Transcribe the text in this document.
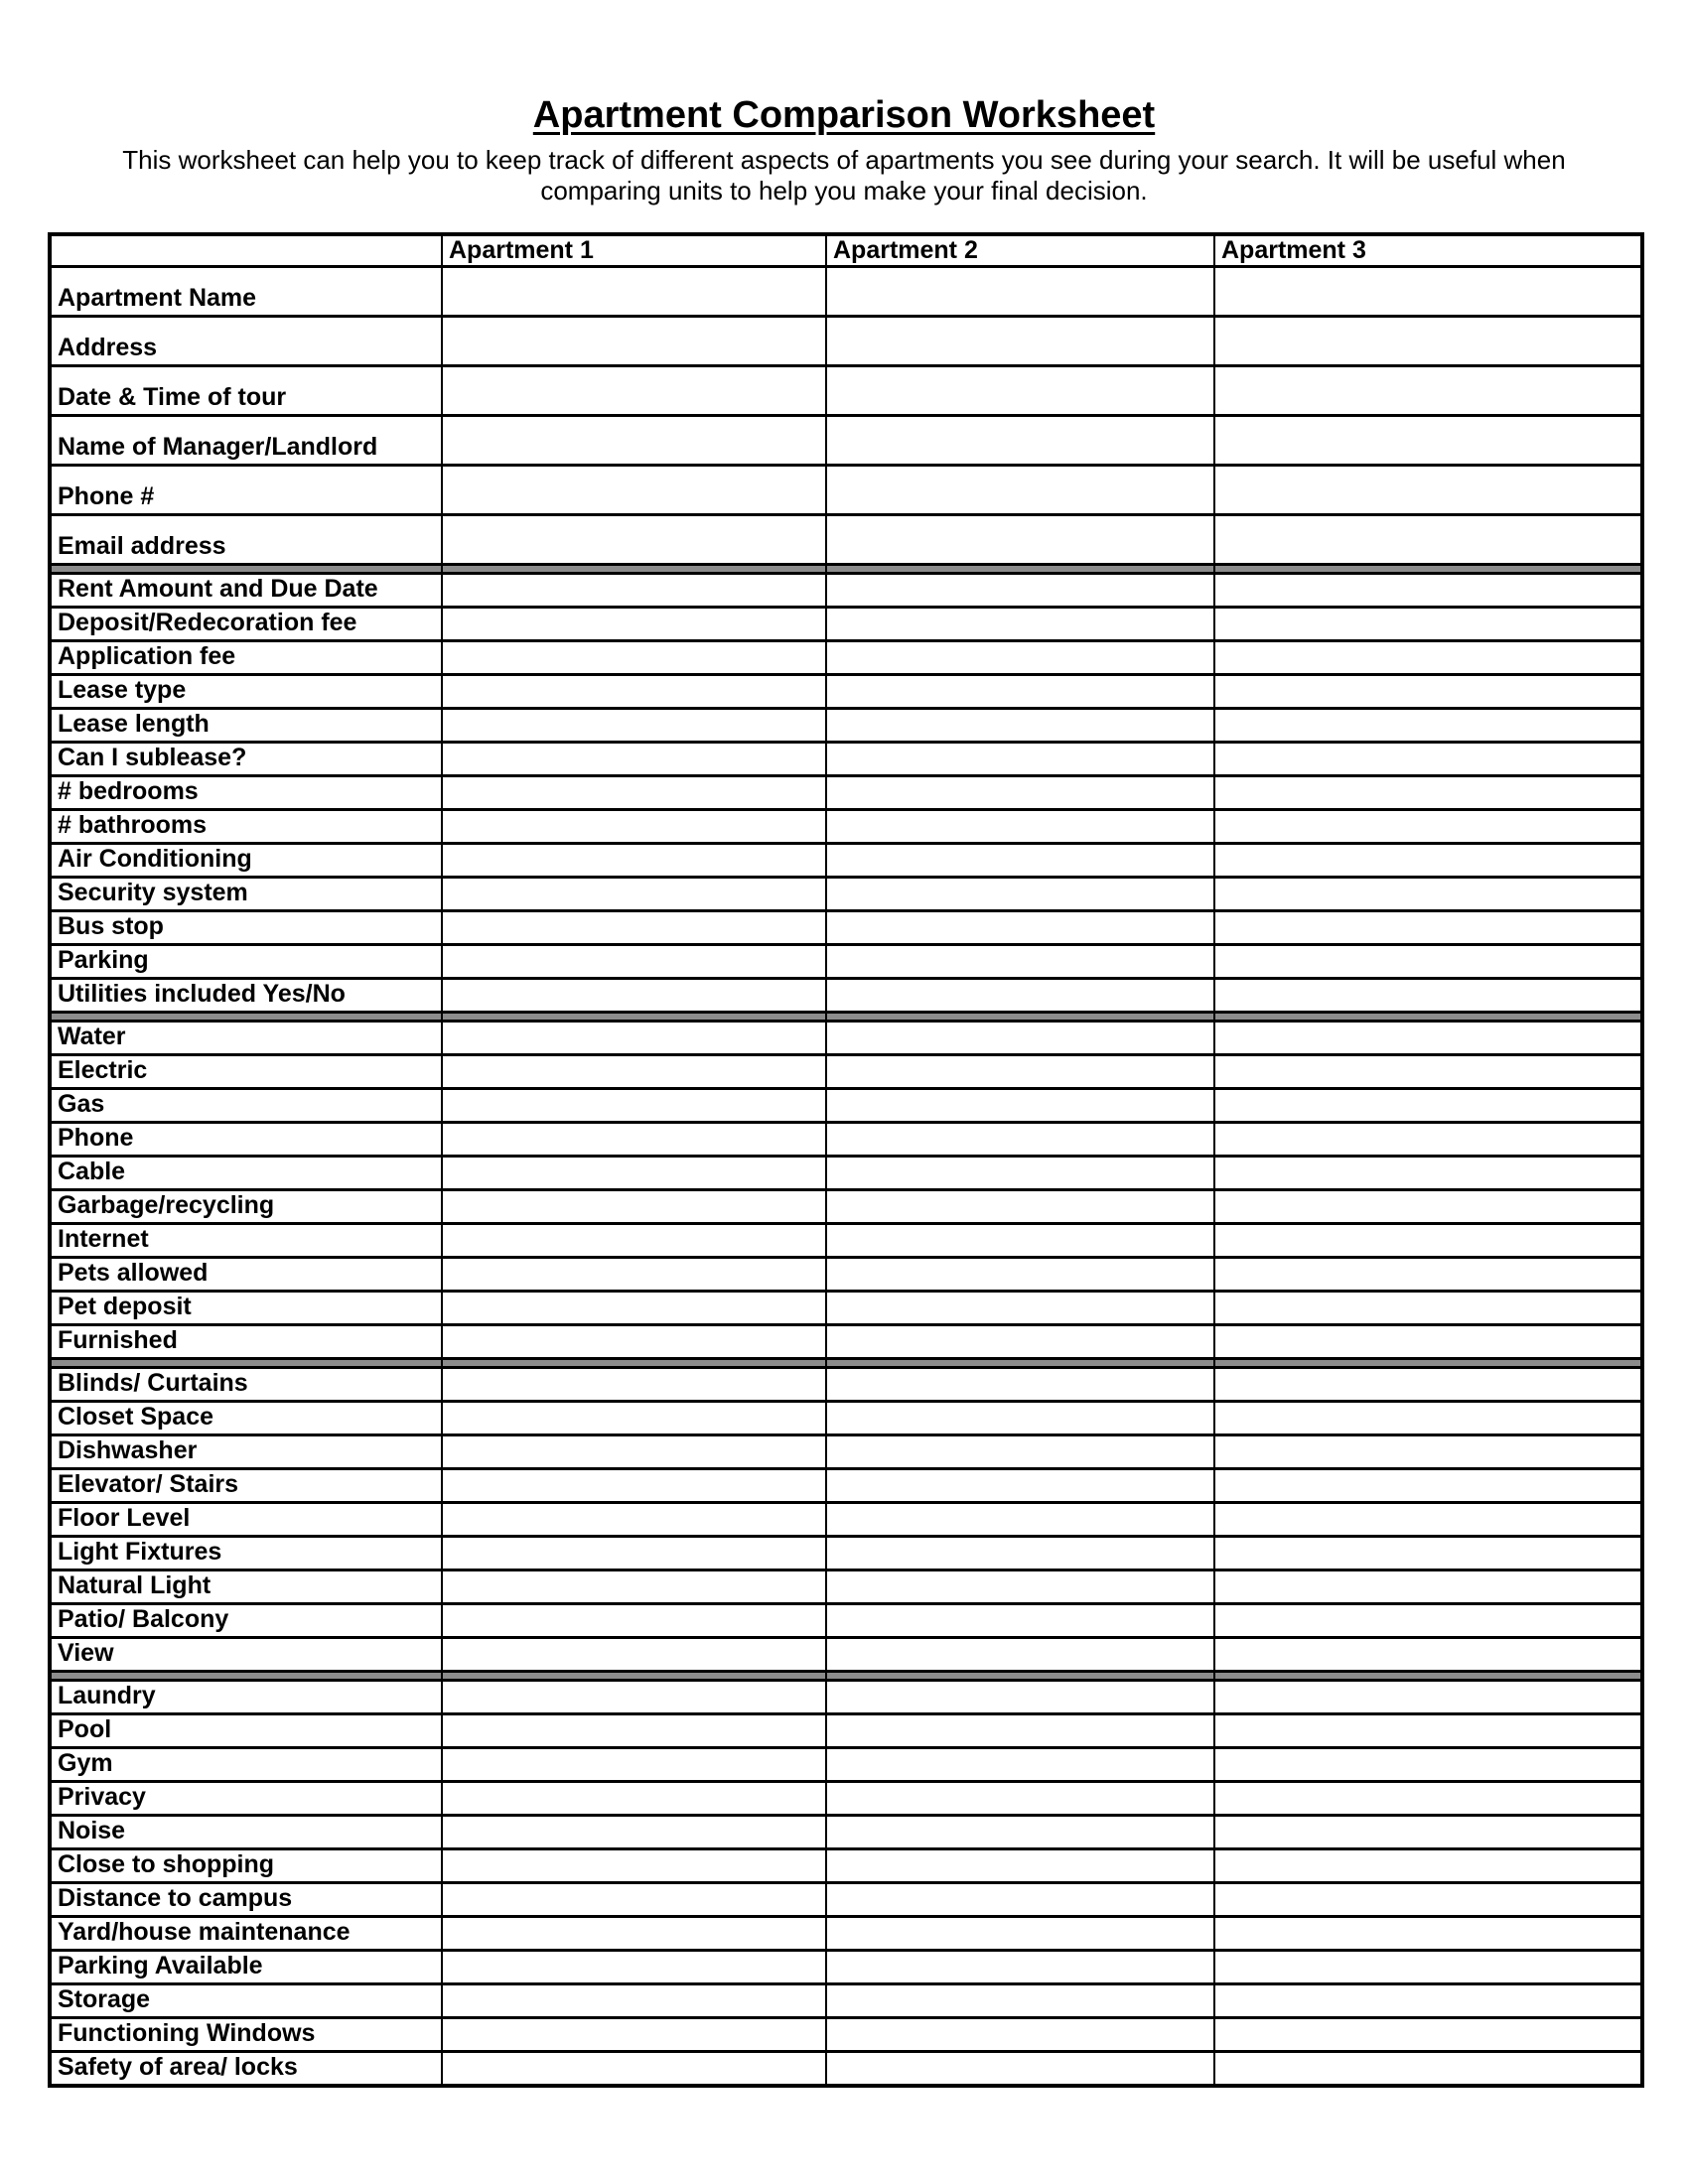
Apartment Comparison Worksheet

This worksheet can help you to keep track of different aspects of apartments you see during your search. It will be useful when comparing units to help you make your final decision.

	Apartment 1	Apartment 2	Apartment 3
Apartment Name			
Address			
Date & Time of tour			
Name of Manager/Landlord			
Phone #			
Email address			

Rent Amount and Due Date			
Deposit/Redecoration fee			
Application fee			
Lease type			
Lease length			
Can I sublease?			
# bedrooms			
# bathrooms			
Air Conditioning			
Security system			
Bus stop			
Parking			
Utilities included Yes/No			

Water			
Electric			
Gas			
Phone			
Cable			
Garbage/recycling			
Internet			
Pets allowed			
Pet deposit			
Furnished			

Blinds/ Curtains			
Closet Space			
Dishwasher			
Elevator/ Stairs			
Floor Level			
Light Fixtures			
Natural Light			
Patio/ Balcony			
View			

Laundry			
Pool			
Gym			
Privacy			
Noise			
Close to shopping			
Distance to campus			
Yard/house maintenance			
Parking Available			
Storage			
Functioning Windows			
Safety of area/ locks			
